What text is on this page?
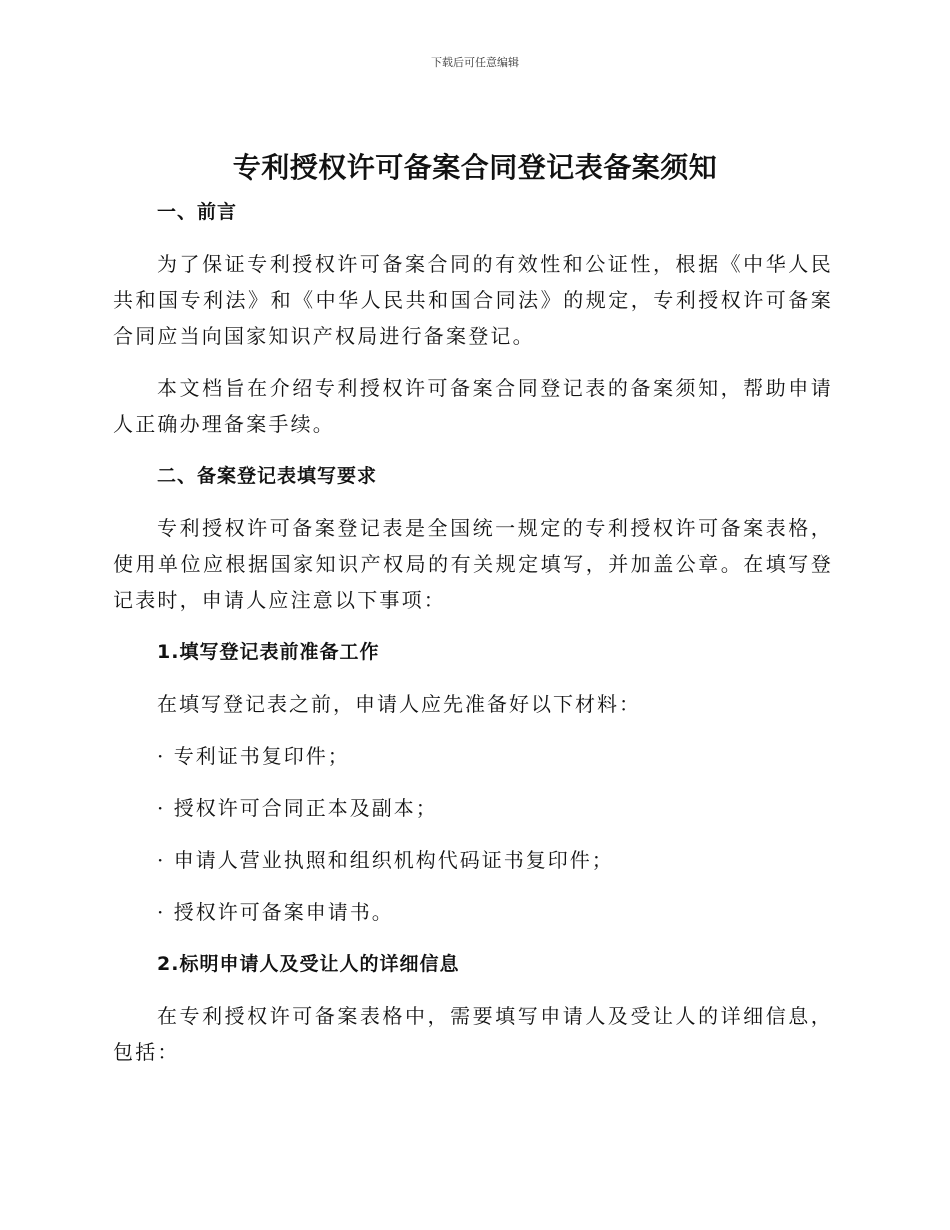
下载后可任意编辑
专利授权许可备案合同登记表备案须知
一、前言
为了保证专利授权许可备案合同的有效性和公证性，根据《中华人民共和国专利法》和《中华人民共和国合同法》的规定，专利授权许可备案合同应当向国家知识产权局进行备案登记。
本文档旨在介绍专利授权许可备案合同登记表的备案须知，帮助申请人正确办理备案手续。
二、备案登记表填写要求
专利授权许可备案登记表是全国统一规定的专利授权许可备案表格，使用单位应根据国家知识产权局的有关规定填写，并加盖公章。在填写登记表时，申请人应注意以下事项：
1.填写登记表前准备工作
在填写登记表之前，申请人应先准备好以下材料：
· 专利证书复印件；
· 授权许可合同正本及副本；
· 申请人营业执照和组织机构代码证书复印件；
· 授权许可备案申请书。
2.标明申请人及受让人的详细信息
在专利授权许可备案表格中，需要填写申请人及受让人的详细信息，包括：
